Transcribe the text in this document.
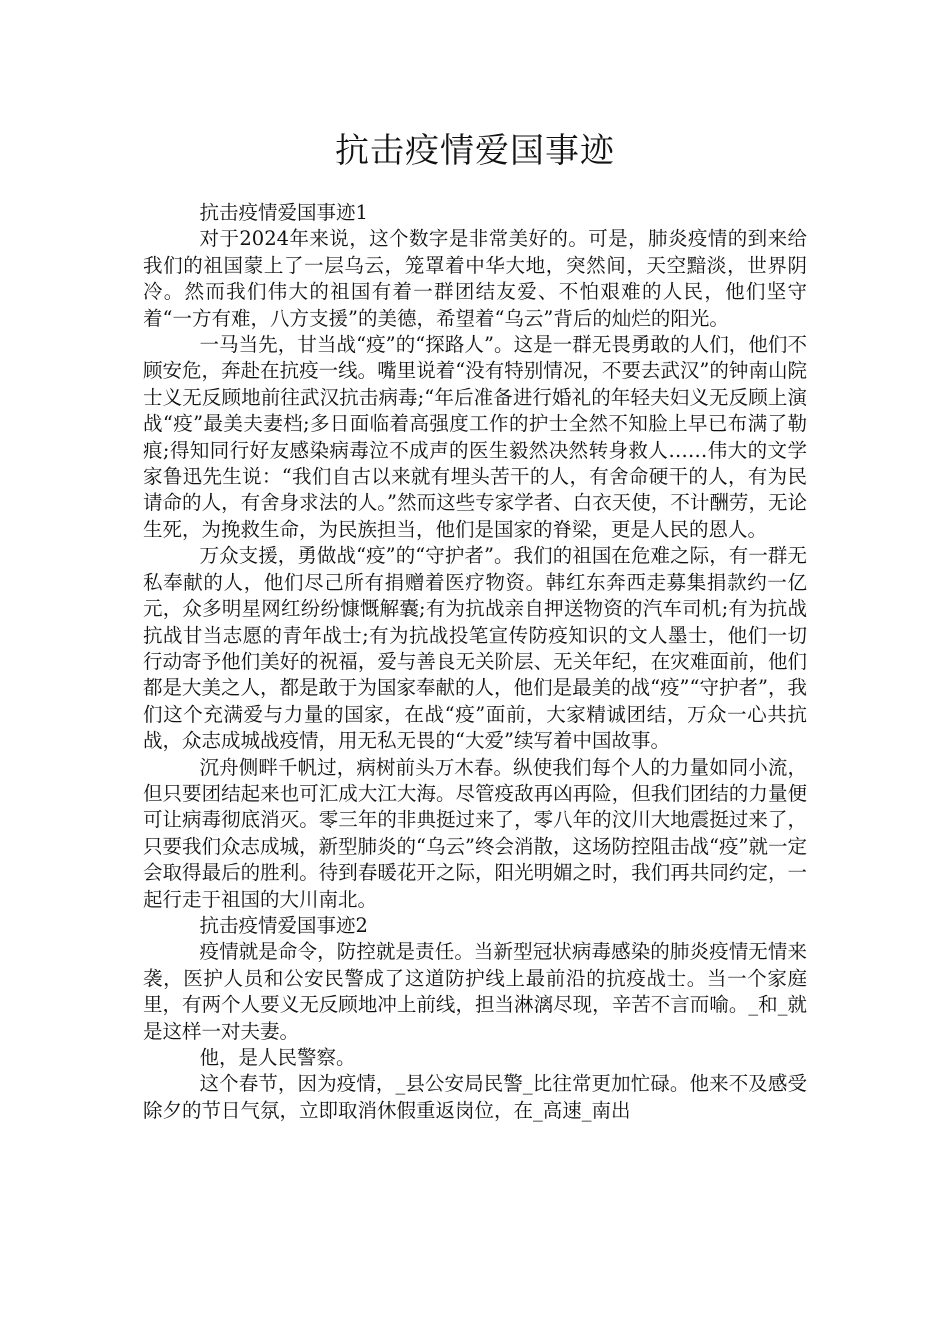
抗击疫情爱国事迹

抗击疫情爱国事迹1

对于2024年来说，这个数字是非常美好的。可是，肺炎疫情的到来给我们的祖国蒙上了一层乌云，笼罩着中华大地，突然间，天空黯淡，世界阴冷。然而我们伟大的祖国有着一群团结友爱、不怕艰难的人民，他们坚守着“一方有难，八方支援”的美德，希望着“乌云”背后的灿烂的阳光。

一马当先，甘当战“疫”的“探路人”。这是一群无畏勇敢的人们，他们不顾安危，奔赴在抗疫一线。嘴里说着“没有特别情况，不要去武汉”的钟南山院士义无反顾地前往武汉抗击病毒;“年后准备进行婚礼的年轻夫妇义无反顾上演战“疫”最美夫妻档;多日面临着高强度工作的护士全然不知脸上早已布满了勒痕;得知同行好友感染病毒泣不成声的医生毅然决然转身救人……伟大的文学家鲁迅先生说：“我们自古以来就有埋头苦干的人，有舍命硬干的人，有为民请命的人，有舍身求法的人。”然而这些专家学者、白衣天使，不计酬劳，无论生死，为挽救生命，为民族担当，他们是国家的脊梁，更是人民的恩人。

万众支援，勇做战“疫”的“守护者”。我们的祖国在危难之际，有一群无私奉献的人，他们尽己所有捐赠着医疗物资。韩红东奔西走募集捐款约一亿元，众多明星网红纷纷慷慨解囊;有为抗战亲自押送物资的汽车司机;有为抗战抗战甘当志愿的青年战士;有为抗战投笔宣传防疫知识的文人墨士，他们一切行动寄予他们美好的祝福，爱与善良无关阶层、无关年纪，在灾难面前，他们都是大美之人，都是敢于为国家奉献的人，他们是最美的战“疫”“守护者”，我们这个充满爱与力量的国家，在战“疫”面前，大家精诚团结，万众一心共抗战，众志成城战疫情，用无私无畏的“大爱”续写着中国故事。

沉舟侧畔千帆过，病树前头万木春。纵使我们每个人的力量如同小流，但只要团结起来也可汇成大江大海。尽管疫敌再凶再险，但我们团结的力量便可让病毒彻底消灭。零三年的非典挺过来了，零八年的汶川大地震挺过来了，只要我们众志成城，新型肺炎的“乌云”终会消散，这场防控阻击战“疫”就一定会取得最后的胜利。待到春暖花开之际，阳光明媚之时，我们再共同约定，一起行走于祖国的大川南北。

抗击疫情爱国事迹2

疫情就是命令，防控就是责任。当新型冠状病毒感染的肺炎疫情无情来袭，医护人员和公安民警成了这道防护线上最前沿的抗疫战士。当一个家庭里，有两个人要义无反顾地冲上前线，担当淋漓尽现，辛苦不言而喻。_和_就是这样一对夫妻。

他，是人民警察。

这个春节，因为疫情，_县公安局民警_比往常更加忙碌。他来不及感受除夕的节日气氛，立即取消休假重返岗位，在_高速_南出
